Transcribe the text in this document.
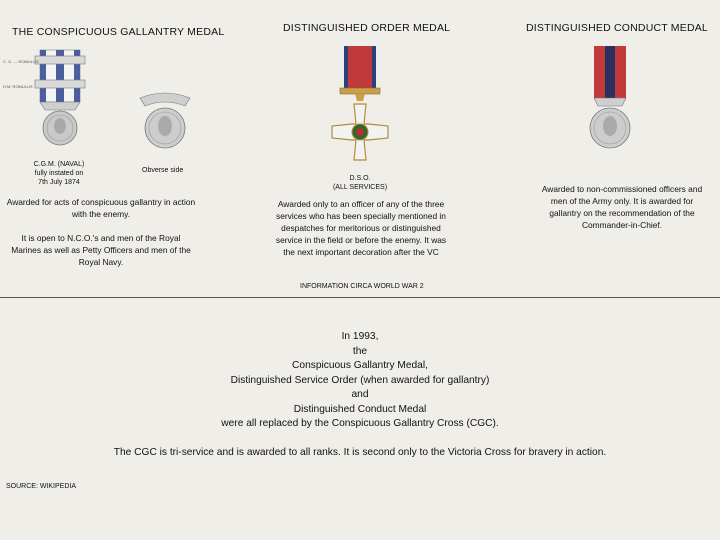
THE CONSPICUOUS GALLANTRY MEDAL	DISTINGUISHED ORDER MEDAL	DISTINGUISHED CONDUCT MEDAL
C. G. — ROMULUS
H.M. ROMULUS
C.G.M. (NAVAL)
fully instated on
7th July 1874
Obverse side
Awarded for acts of conspicuous gallantry in action with the enemy.
It is open to N.C.O.'s and men of the Royal Marines as well as Petty Officers and men of the Royal Navy.
D.S.O.
(ALL SERVICES)
Awarded only to an officer of any of the three services who has been specially mentioned in despatches for meritorious or distinguished service in the field or before the enemy. It was the next important decoration after the VC
Awarded to non-commissioned officers and men of the Army only. It is awarded for gallantry on the recommendation of the Commander-in-Chief.
INFORMATION CIRCA WORLD WAR 2
In 1993,
the
Conspicuous Gallantry Medal,
Distinguished Service Order (when awarded for gallantry)
and
Distinguished Conduct Medal
were all replaced by the Conspicuous Gallantry Cross (CGC).
The CGC is tri-service and is awarded to all ranks. It is second only to the Victoria Cross for bravery in action.
SOURCE: WIKIPEDIA
